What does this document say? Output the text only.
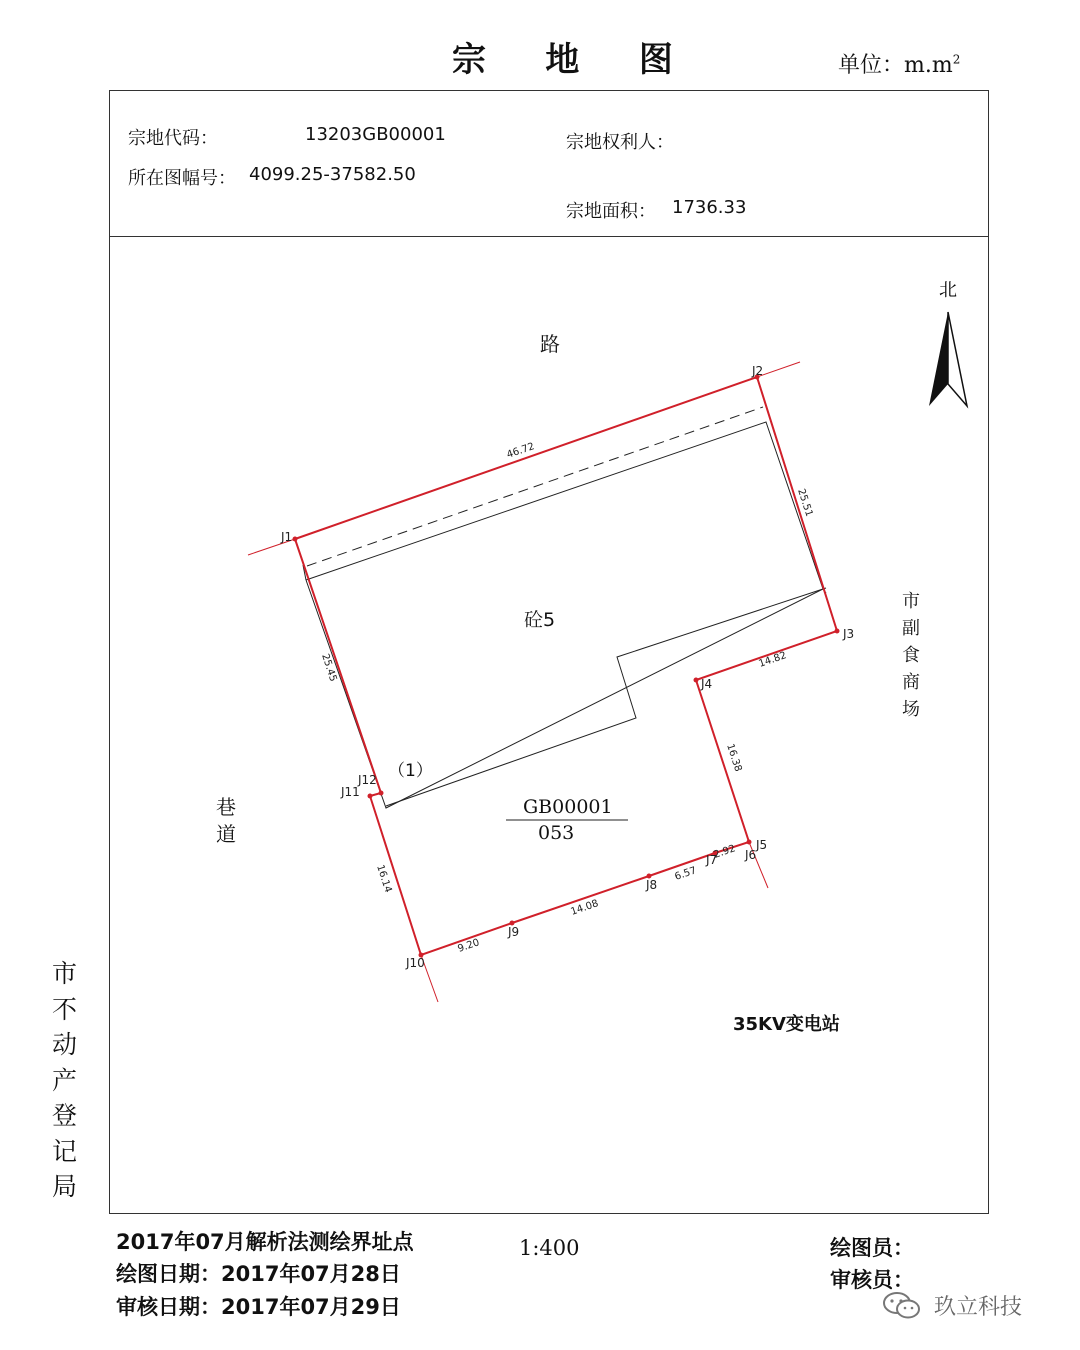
宗 地 图	单位：$m.m^2$
宗地代码：	13203GB00001
所在图幅号： 4099.25-37582.50
宗地权利人：
宗地面积： 1736.33
北
J1
J2
J3
J4
J5
J6
J7
J8
J9
J10
J11
J12
46.72
25.51
14.82
16.38
2.92
6.57
14.08
9.20
16.14
25.45
路
砼5
（1）
GB00001
053
35KV变电站
巷
道
市
副
食
商
场
市
不
动
产
登
记
局
2017年07月解析法测绘界址点
绘图日期：2017年07月28日
审核日期：2017年07月29日
1:400	绘图员：
审核员：
玖立科技
